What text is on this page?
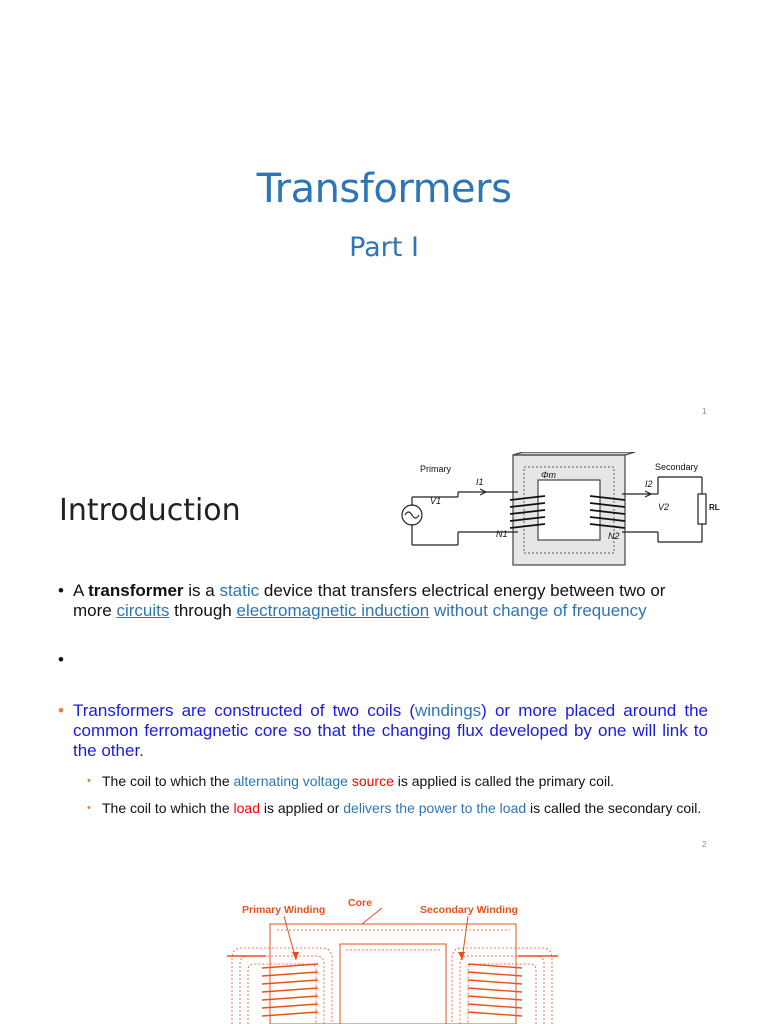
Transformers
Part I
1
Introduction
Primary	Secondary
Φm
V1
I1	I2
V2
N1	N2
RL
• A transformer is a static device that transfers electrical energy between two or more circuits through electromagnetic induction without change of frequency
•
• Transformers are constructed of two coils (windings) or more placed around the common ferromagnetic core so that the changing flux developed by one will link to the other.
• The coil to which the alternating voltage source is applied is called the primary coil.
• The coil to which the load is applied or delivers the power to the load is called the secondary coil.
2
Primary Winding
Core
Secondary Winding
